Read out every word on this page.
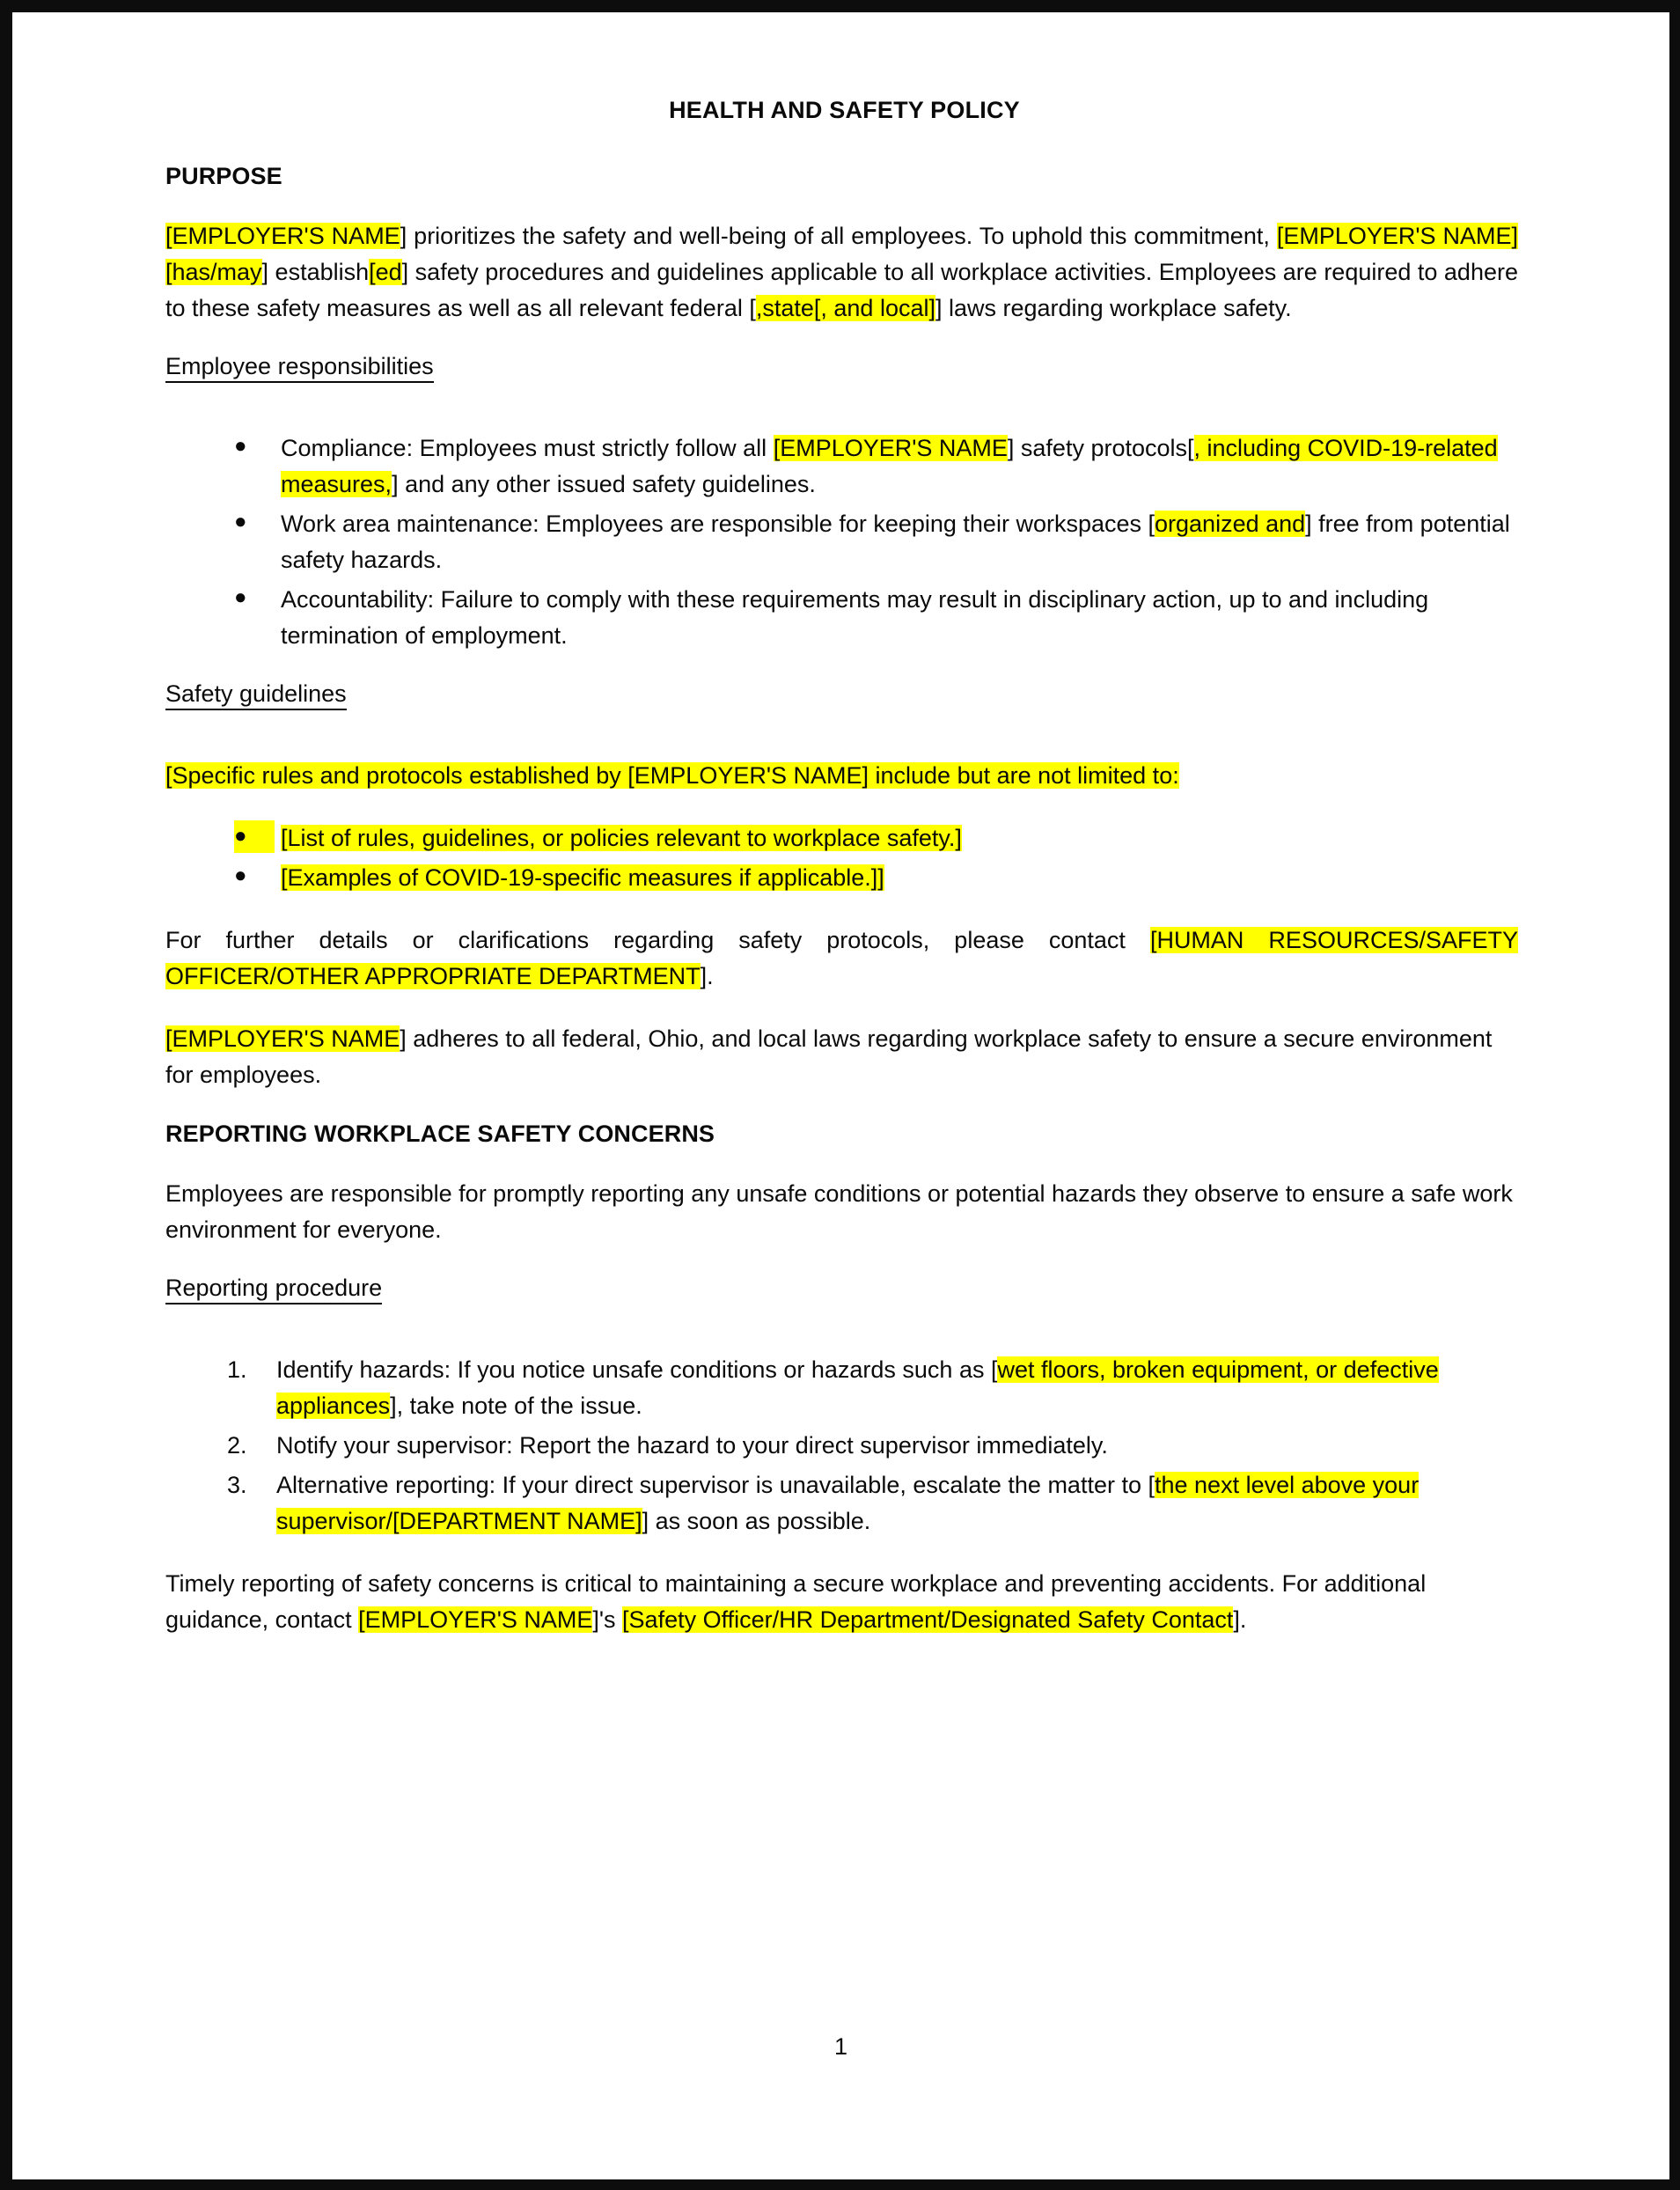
HEALTH AND SAFETY POLICY
PURPOSE

[EMPLOYER'S NAME] prioritizes the safety and well-being of all employees. To uphold this commitment, [EMPLOYER'S NAME] [has/may] establish[ed] safety procedures and guidelines applicable to all workplace activities. Employees are required to adhere to these safety measures as well as all relevant federal [,state[, and local]] laws regarding workplace safety.

Employee responsibilities
●	Compliance: Employees must strictly follow all [EMPLOYER'S NAME] safety protocols[, including COVID-19-related measures,] and any other issued safety guidelines.
●	Work area maintenance: Employees are responsible for keeping their workspaces [organized and] free from potential safety hazards.
●	Accountability: Failure to comply with these requirements may result in disciplinary action, up to and including termination of employment.
Safety guidelines

[Specific rules and protocols established by [EMPLOYER'S NAME] include but are not limited to:

●	[List of rules, guidelines, or policies relevant to workplace safety.]
●	[Examples of COVID-19-specific measures if applicable.]]

For further details or clarifications regarding safety protocols, please contact [HUMAN RESOURCES/SAFETY OFFICER/OTHER APPROPRIATE DEPARTMENT].

[EMPLOYER'S NAME] adheres to all federal, Ohio, and local laws regarding workplace safety to ensure a secure environment for employees.

REPORTING WORKPLACE SAFETY CONCERNS

Employees are responsible for promptly reporting any unsafe conditions or potential hazards they observe to ensure a safe work environment for everyone.

Reporting procedure
1.	Identify hazards: If you notice unsafe conditions or hazards such as [wet floors, broken equipment, or defective appliances], take note of the issue.
2.	Notify your supervisor: Report the hazard to your direct supervisor immediately.
3.	Alternative reporting: If your direct supervisor is unavailable, escalate the matter to [the next level above your supervisor/[DEPARTMENT NAME]] as soon as possible.

Timely reporting of safety concerns is critical to maintaining a secure workplace and preventing accidents. For additional guidance, contact [EMPLOYER'S NAME]'s [Safety Officer/HR Department/Designated Safety Contact].

1
